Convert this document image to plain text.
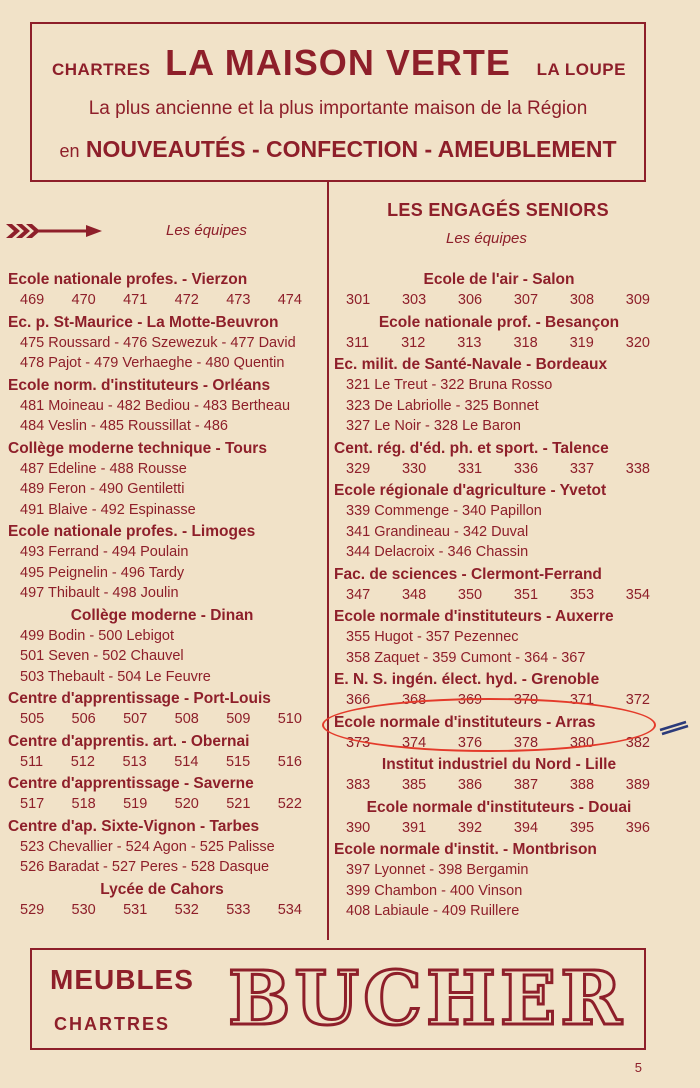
CHARTRES LA MAISON VERTE	LA LOUPE
La plus ancienne et la plus importante maison de la Région
en NOUVEAUTÉS - CONFECTION - AMEUBLEMENT
Les équipes
Ecole nationale profes. - Vierzon
469 470 471 472 473 474
Ec. p. St-Maurice - La Motte-Beuvron
475 Roussard - 476 Szewezuk - 477 David
478 Pajot - 479 Verhaeghe - 480 Quentin
Ecole norm. d'instituteurs - Orléans
481 Moineau - 482 Bediou - 483 Bertheau
484 Veslin - 485 Roussillat - 486
Collège moderne technique - Tours
487 Edeline - 488 Rousse
489 Feron - 490 Gentiletti
491 Blaive - 492 Espinasse
Ecole nationale profes. - Limoges
493 Ferrand - 494 Poulain
495 Peignelin - 496 Tardy
497 Thibault - 498 Joulin
Collège moderne - Dinan
499 Bodin - 500 Lebigot
501 Seven - 502 Chauvel
503 Thebault - 504 Le Feuvre
Centre d'apprentissage - Port-Louis
505 506 507 508 509 510
Centre d'apprentis. art. - Obernai
511 512 513 514 515 516
Centre d'apprentissage - Saverne
517 518 519 520 521 522
Centre d'ap. Sixte-Vignon - Tarbes
523 Chevallier - 524 Agon - 525 Palisse
526 Baradat - 527 Peres - 528 Dasque
Lycée de Cahors
529 530 531 532 533 534
LES ENGAGÉS SENIORS
Les équipes
Ecole de l'air - Salon
301 303 306 307 308 309
Ecole nationale prof. - Besançon
311 312 313 318 319 320
Ec. milit. de Santé-Navale - Bordeaux
321 Le Treut - 322 Bruna Rosso
323 De Labriolle - 325 Bonnet
327 Le Noir - 328 Le Baron
Cent. rég. d'éd. ph. et sport. - Talence
329 330 331 336 337 338
Ecole régionale d'agriculture - Yvetot
339 Commenge - 340 Papillon
341 Grandineau - 342 Duval
344 Delacroix - 346 Chassin
Fac. de sciences - Clermont-Ferrand
347 348 350 351 353 354
Ecole normale d'instituteurs - Auxerre
355 Hugot - 357 Pezennec
358 Zaquet - 359 Cumont - 364 - 367
E. N. S. ingén. élect. hyd. - Grenoble
366 368 369 370 371 372
Ecole normale d'instituteurs - Arras
373 374 376 378 380 382
Institut industriel du Nord - Lille
383 385 386 387 388 389
Ecole normale d'instituteurs - Douai
390 391 392 394 395 396
Ecole normale d'instit. - Montbrison
397 Lyonnet - 398 Bergamin
399 Chambon - 400 Vinson
408 Labiaule - 409 Ruillere
MEUBLES
CHARTRES BUCHER
5
